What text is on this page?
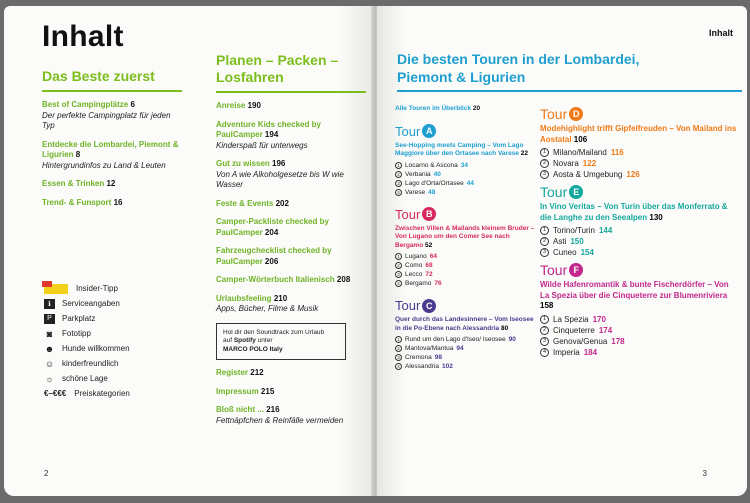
Inhalt
Das Beste zuerst
Best of Campingplätze 6
Der perfekte Campingplatz für jeden Typ
Entdecke die Lombardei, Piemont & Ligurien 8
Hintergrundinfos zu Land & Leuten
Essen & Trinken 12
Trend- & Funsport 16
Insider-Tipp
ℹ	Serviceangaben
P	Parkplatz
◙	Fototipp
☻ Hunde willkommen
☺ kinderfreundlich
☼ schöne Lage
€–€€€ Preiskategorien
Planen – Packen –
Losfahren
Anreise 190
Adventure Kids checked by PaulCamper 194
Kinderspaß für unterwegs
Gut zu wissen 196
Von A wie Alkoholgesetze bis W wie Wasser
Feste & Events 202
Camper-Packliste checked by PaulCamper 204
Fahrzeugchecklist checked by PaulCamper 206
Camper-Wörterbuch Italienisch 208
Urlaubsfeeling 210
Apps, Bücher, Filme & Musik
Hol dir den Soundtrack zum Urlaub
auf Spotify unter
MARCO POLO Italy
Register 212
Impressum 215
Bloß nicht ... 216
Fettnäpfchen & Reinfälle vermeiden
2
Inhalt
Die besten Touren in der Lombardei,
Piemont & Ligurien
Alle Touren im Überblick 20
Tour A
See-Hopping meets Camping – Vom Lago Maggiore über den Ortasee nach Varese 22
1 Locarno & Ascona 34
2 Verbania 40
3 Lago d'Orta/Ortasee 44
4 Varese 48
Tour B
Zwischen Villen & Mailands kleinem Bruder – Von Lugano um den Comer See nach Bergamo 52
1 Lugano 64
2 Como 68
3 Lecco 72
4 Bergamo 76
Tour C
Quer durch das Landesinnere – Vom Iseosee in die Po-Ebene nach Alessandria 80
1 Rund um den Lago d'Iseo/ Iseosee 90
2 Mantova/Mantua 94
3 Cremona 98
4 Alessandria 102
Tour D
Modehighlight trifft Gipfelfreuden – Von Mailand ins Aostatal 106
1 Milano/Mailand 116
2 Novara 122
3 Aosta & Umgebung 126
Tour E
In Vino Veritas – Von Turin über das Monferrato & die Langhe zu den Seealpen 130
1 Torino/Turin 144
2 Asti 150
3 Cuneo 154
Tour F
Wilde Hafenromantik & bunte Fischerdörfer – Von La Spezia über die Cinqueterre zur Blumenriviera 158
1 La Spezia 170
2 Cinqueterre 174
3 Genova/Genua 178
4 Imperia 184
3
